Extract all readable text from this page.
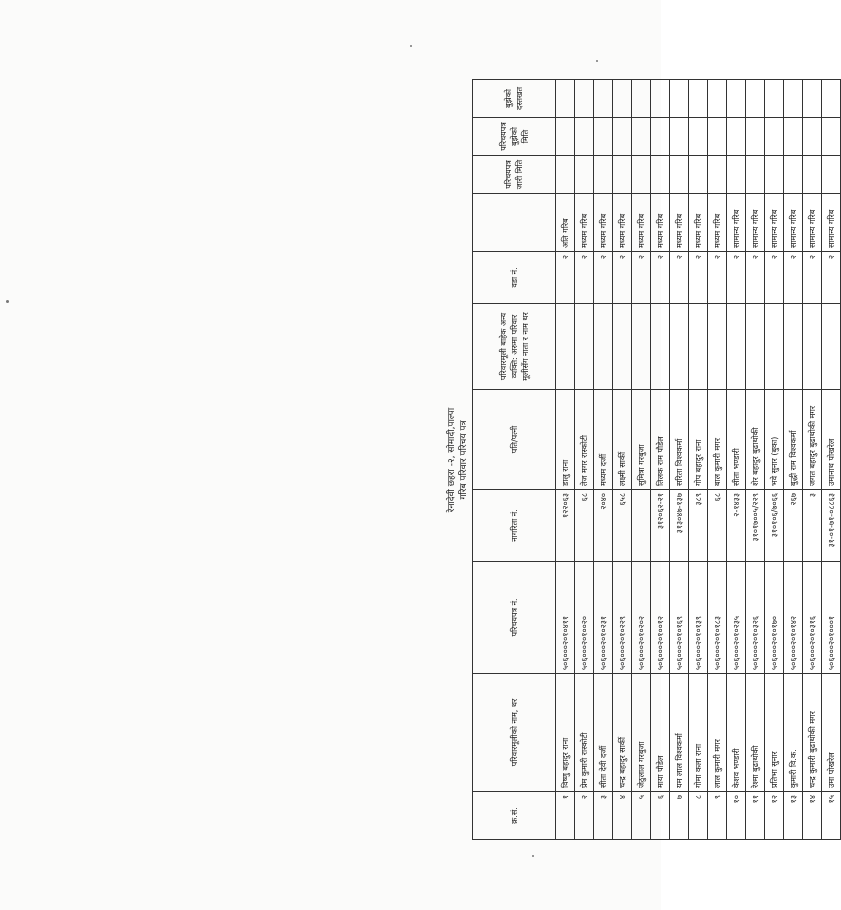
रेनादेवी छहरा -२, सोमादी,पाल्पा गरिब परिवार परिचय पत्र
क्र.सं.	परिवारमूलीको नाम, थर	परिचयपत्र नं.	नागरिता नं.	पति/पत्नी	परिवारमूली बाहेक अन्य व्यक्ति: अरुमा परिवार मूलीसँग नाता र नाम थर	वडा नं.		परिचयपत्र जारी मिति	परिचयपत्र बुझेको मिति	बुझेको दस्तखत
१	विष्णु बहादुर राना	५०६०००२०१०४११	१२२०६३	डालु राना		२	अति गरिब			
२	प्रेम कुमारी रास्कोटी	५०६०००२०१००२०	६८	तेज मगर रास्कोटी		२	मध्यम गरिब			
३	सीता देवी दर्जी	५०६०००२०१०२३१	२०४०	मध्यम दर्जी		२	मध्यम गरिब			
४	चन्द्र बहादुर सार्की	५०६०००२०१०२२९	६५८	लक्ष्मी सार्की		२	मध्यम गरिब			
५	जेठुलाल गरबुजा	५०६०००२०१०२०२		सुमित्रा गरबुजा		२	मध्यम गरिब			
६	माया पौडेल	५०६०००२०१००१२	३१२०६२-२१	तिलक राम पौडेल		२	मध्यम गरिब			
७	यम लाल विश्वकर्मा	५०६०००२०१०१६९	३१३०४७-१३७	सरिता विश्वकर्मा		२	मध्यम गरिब			
८	गोमा कला राना	५०६०००२०१०१३९	३८९	गोप बहादुर राना		२	मध्यम गरिब			
९	लाल कुमारी मगर	५०६०००२०१०१८३	६८	बाल कुमारी मगर		२	मध्यम गरिब			
१०	केशव भण्डारी	५०६०००२०१०२३५	२-१४३३	सीता भण्डारी		२	सामान्य गरिब			
११	रेश्मा बुढाथोकी	५०६०००२०१०३२६	३१०१७००५/२२९	शेर बहादुर बुढाथोकी		२	सामान्य गरिब			
१२	प्रतिभा सुनार	५०६०००२०१०१७०	३१०१०६/७०६६	भवे सुनार (बुका)		२	सामान्य गरिब			
१३	कुमारी वि.क.	५०६०००२०१०१४२	२६७	बुद्धी राम विश्वकर्मा		२	सामान्य गरिब			
१४	चन्द्र कुमारी बुढाथोकी मगर	५०६०००२०१०३१६	३	जगत बहादुर बुढाथोकी मगर		२	सामान्य गरिब			
१५	उमा पोखरेल	५०६०००२०१०००१	३१-०१-७१-०८८६३	उमानाथ पोखरेल		२	सामान्य गरिब			
